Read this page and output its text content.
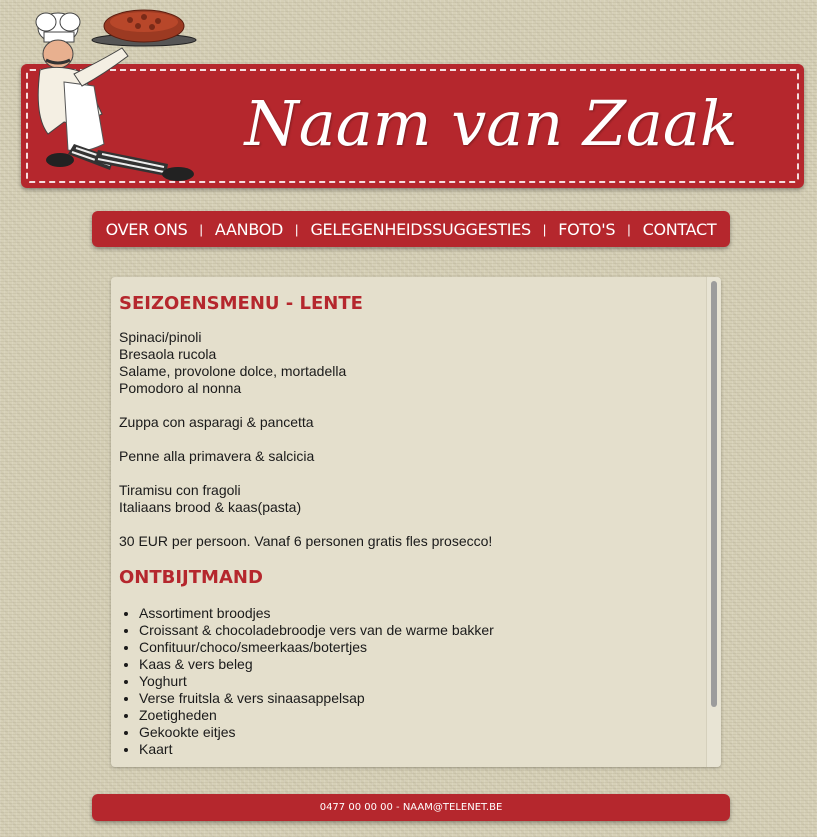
Naam van Zaak
OVER ONS | AANBOD | GELEGENHEIDSSUGGESTIES | FOTO'S | CONTACT
SEIZOENSMENU - LENTE

Spinaci/pinoli
Bresaola rucola
Salame, provolone dolce, mortadella
Pomodoro al nonna

Zuppa con asparagi & pancetta

Penne alla primavera & salcicia

Tiramisu con fragoli
Italiaans brood & kaas(pasta)

30 EUR per persoon. Vanaf 6 personen gratis fles prosecco!

ONTBIJTMAND
• Assortiment broodjes
• Croissant & chocoladebroodje vers van de warme bakker
• Confituur/choco/smeerkaas/botertjes
• Kaas & vers beleg
• Yoghurt
• Verse fruitsla & vers sinaasappelsap
• Zoetigheden
• Gekookte eitjes
• Kaart
0477 00 00 00 - NAAM@TELENET.BE
